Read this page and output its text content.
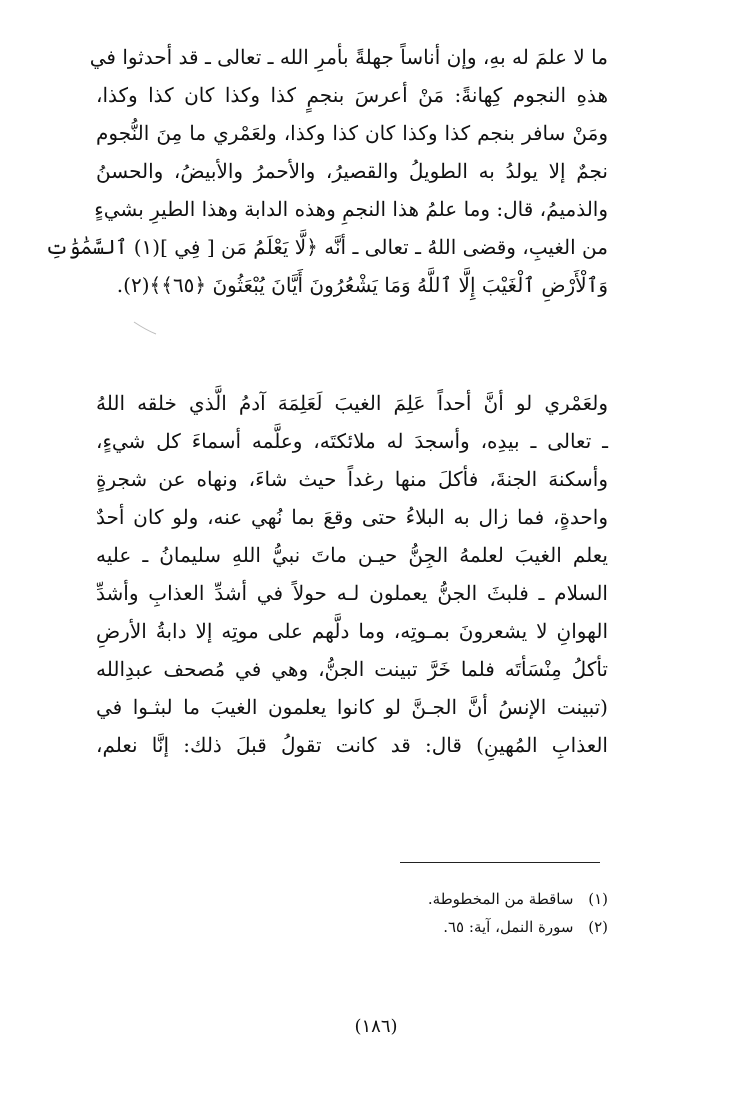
ما لا علمَ له بهِ، وإن أناساً جهلةً بأمرِ الله ـ تعالى ـ قد أحدثوا في
هذهِ النجوم كِهانةً: مَنْ أعرسَ بنجمٍ كذا وكذا كان كذا وكذا،
ومَنْ سافر بنجم كذا وكذا كان كذا وكذا، ولعَمْري ما مِنَ النُّجوم
نجمٌ إلا يولدُ به الطويلُ والقصيرُ، والأحمرُ والأبيضُ، والحسنُ
والذميمُ، قال: وما علمُ هذا النجمِ وهذه الدابة وهذا الطيرِ بشيءٍ
من الغيبِ، وقضى اللهُ ـ تعالى ـ أنَّه ﴿لَّا يَعْلَمُ مَن [ فِي ](١) ٱلسَّمَٰوَٰتِ
وَٱلْأَرْضِ ٱلْغَيْبَ إِلَّا ٱللَّهُ وَمَا يَشْعُرُونَ أَيَّانَ يُبْعَثُونَ ﴿٦٥﴾﴾(٢).
ولعَمْري لو أنَّ أحداً عَلِمَ الغيبَ لَعَلِمَهَ آدمُ الَّذي خلقه اللهُ
ـ تعالى ـ بيدِه، وأسجدَ له ملائكتَه، وعلَّمه أسماءَ كل شيءٍ،
وأسكنهَ الجنةَ، فأكلَ منها رغداً حيث شاءَ، ونهاه عن شجرةٍ
واحدةٍ، فما زال به البلاءُ حتى وقعَ بما نُهي عنه، ولو كان أحدٌ
يعلم الغيبَ لعلمهُ الجِنُّ حيـن ماتَ نبيُّ اللهِ سليمانُ ـ عليه
السلام ـ فلبثَ الجنُّ يعملون لـه حولاً في أشدِّ العذابِ وأشدِّ
الهوانِ لا يشعرونَ بمـوتِه، وما دلَّهم على موتِه إلا دابةُ الأرضِ
تأكلُ مِنْسَأتَه فلما خَرَّ تبينت الجنُّ، وهي في مُصحف عبدِالله
(تبينت الإنسُ أنَّ الجـنَّ لو كانوا يعلمون الغيبَ ما لبثـوا في
العذابِ المُهينِ) قال: قد كانت تقولُ قبلَ ذلك: إنَّا نعلم،
(١) ساقطة من المخطوطة.
(٢) سورة النمل، آية: ٦٥.
(١٨٦)
